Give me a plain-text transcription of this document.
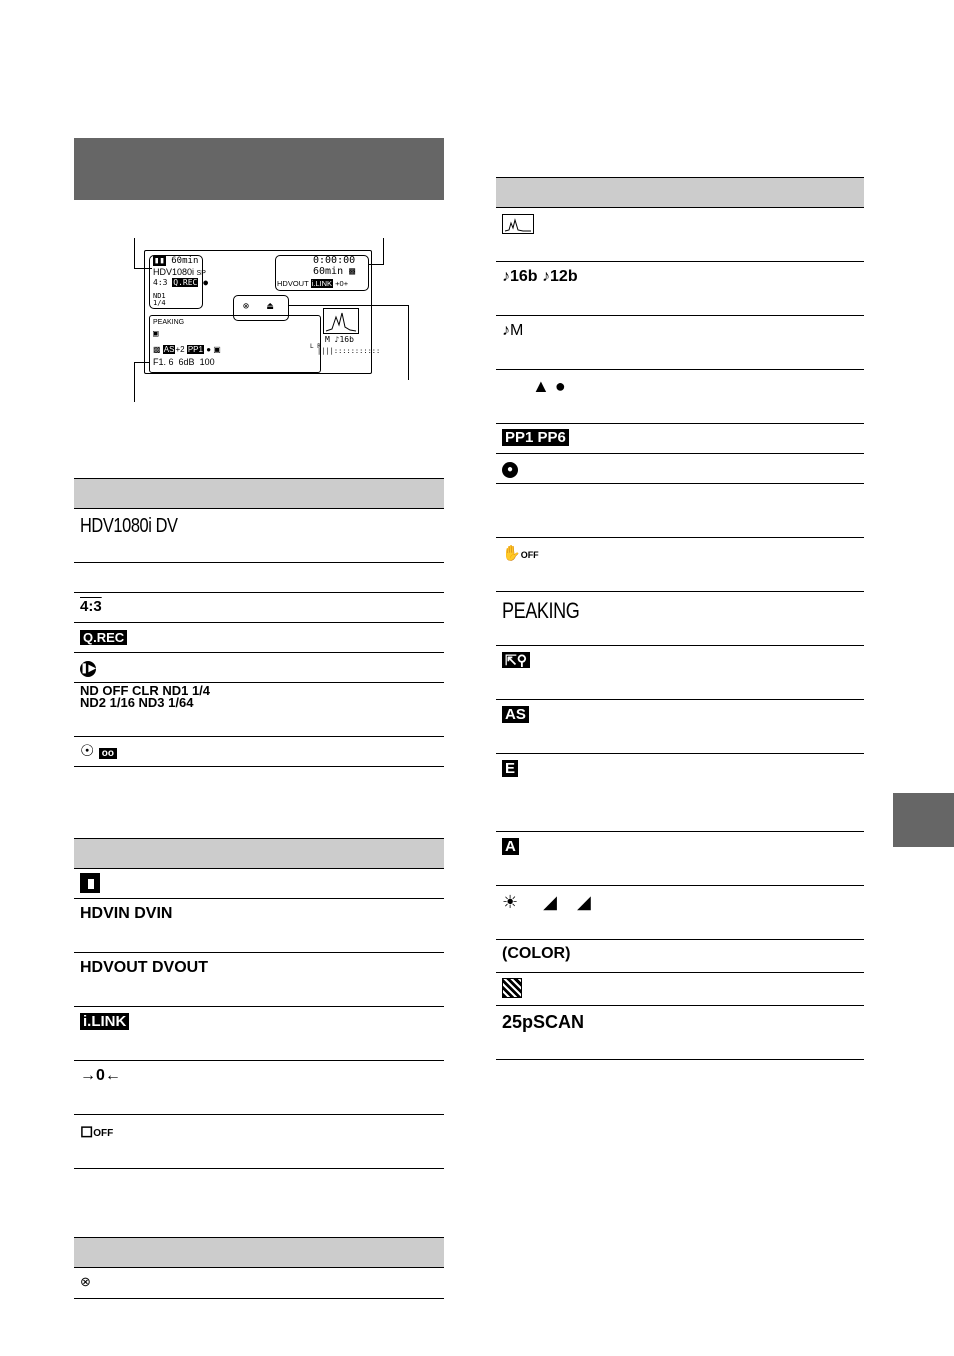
▮▮ 60min
HDV1080i SP
4:3 Q.REC ●
ND1
1/4
0:00:00
60min ▩
HDVOUT i.LINK +0+
⊗ ⏏
PEAKING
▣
M ♪16b
L R
||||:::::::::::
▩ AS+2 PP1 ● ▣
F1. 6 6dB 100
HDV1080i DV
4:3
Q.REC
❚▶
ND OFF CLR ND1 1/4 ND2 1/16 ND3 1/64
☉ oo
HDVIN DVIN
HDVOUT DVOUT
i.LINK
→0←
◻OFF
⊗
♪16b ♪12b
♪M
▲ ●
PP1 PP6
●
✋OFF
PEAKING
⇱⚲
AS
E
A
☀ ◢ ◢
(COLOR)
25pSCAN
